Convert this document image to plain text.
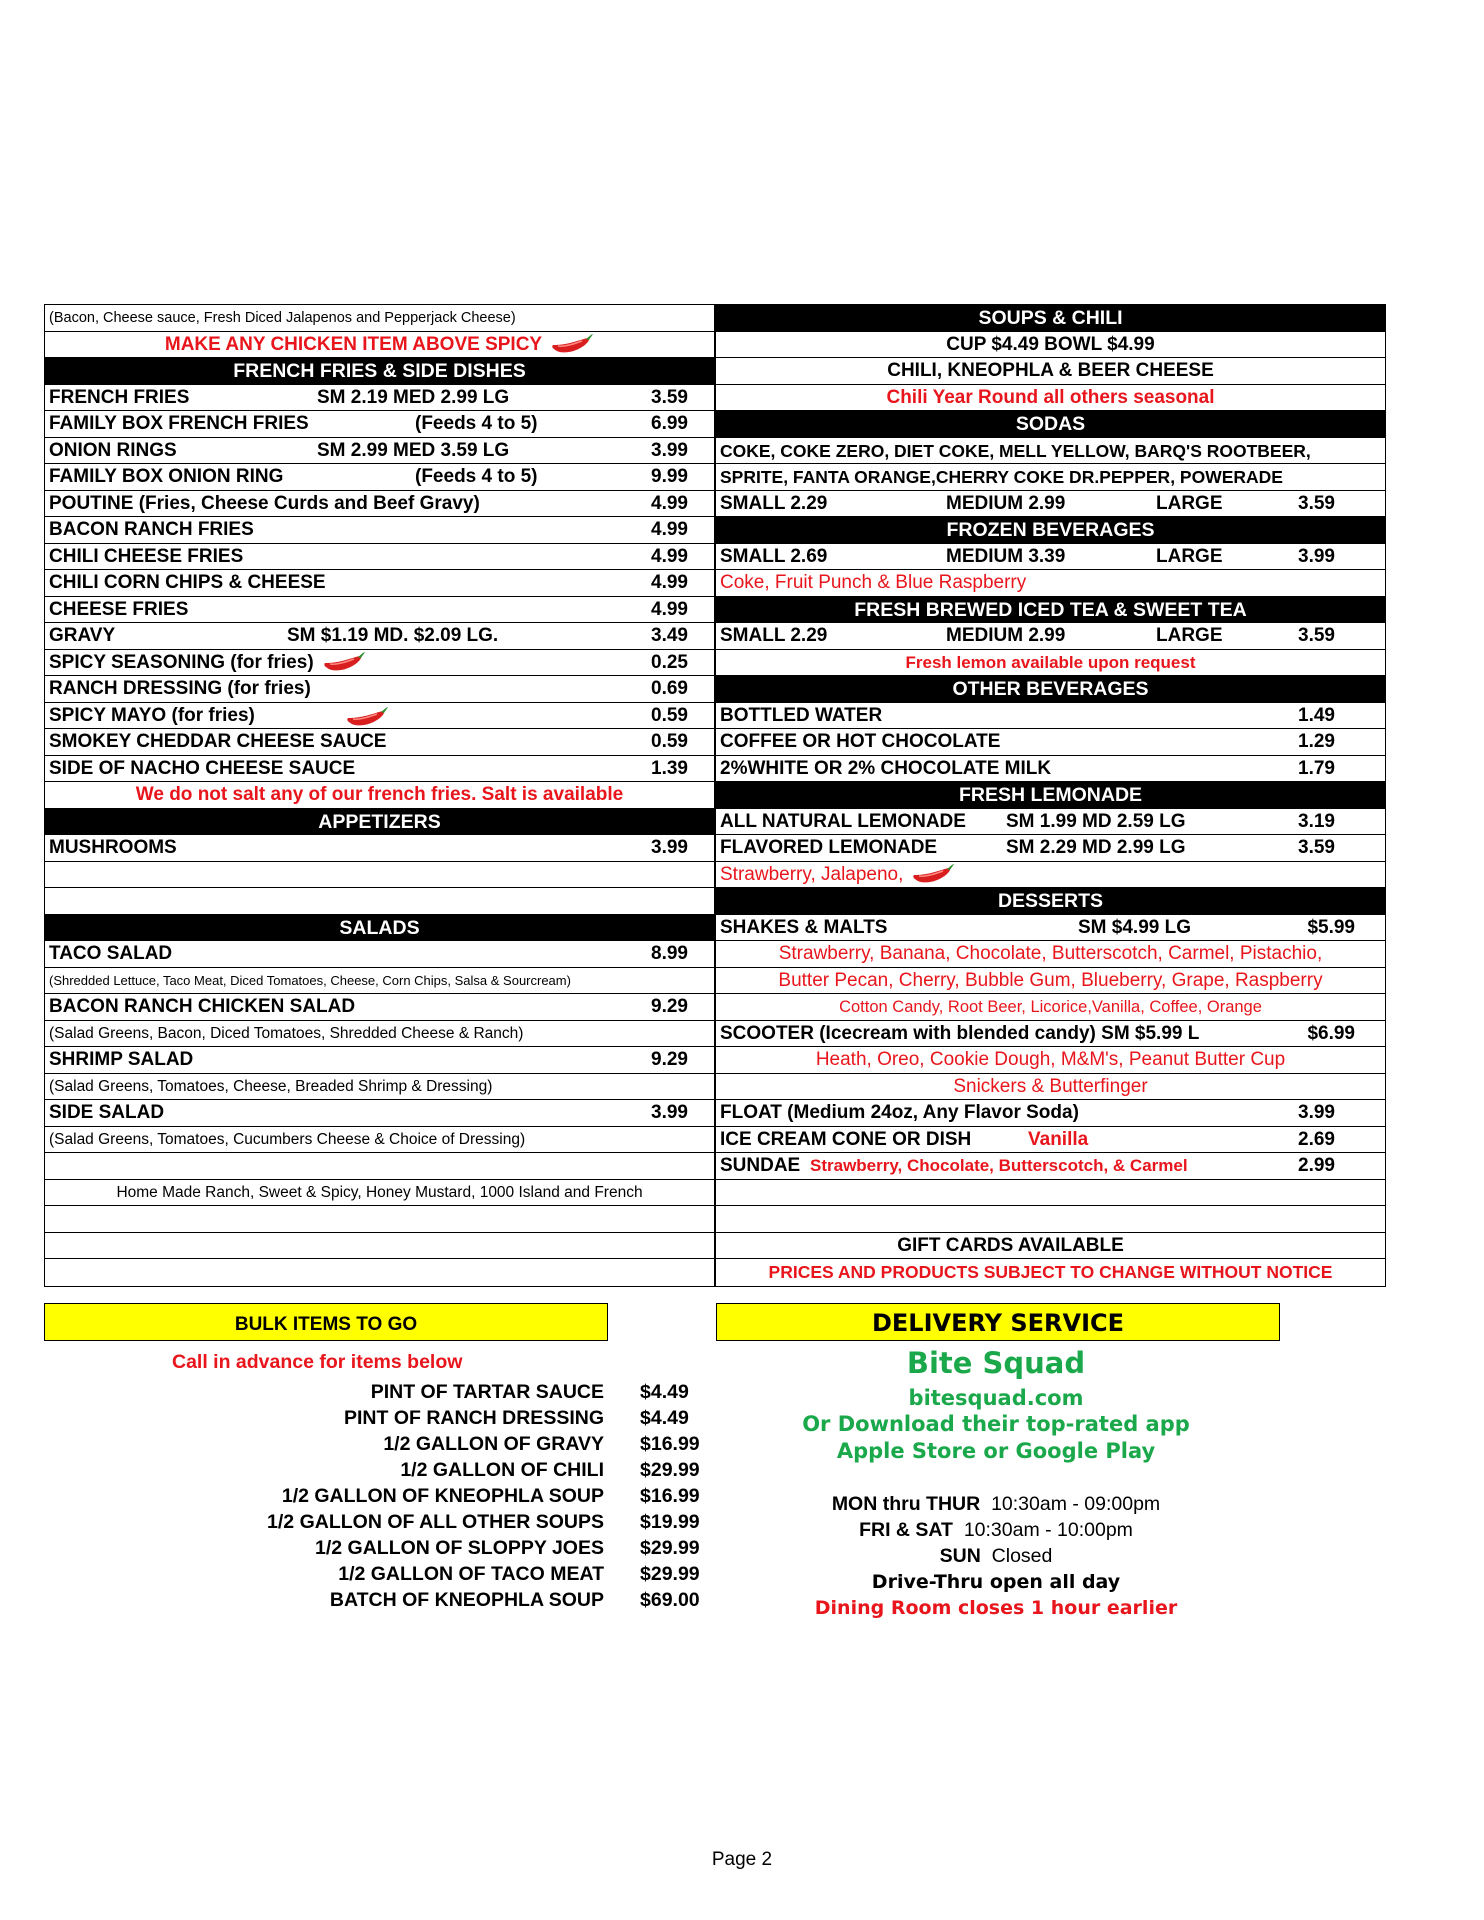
(Bacon, Cheese sauce, Fresh Diced Jalapenos and Pepperjack Cheese)
MAKE ANY CHICKEN ITEM ABOVE SPICY
FRENCH FRIES & SIDE DISHES
FRENCH FRIES	SM 2.19 MED 2.99 LG	3.59
FAMILY BOX FRENCH FRIES	(Feeds 4 to 5)	6.99
ONION RINGS	SM 2.99 MED 3.59 LG	3.99
FAMILY BOX ONION RING	(Feeds 4 to 5)	9.99
POUTINE (Fries, Cheese Curds and Beef Gravy)	4.99
BACON RANCH FRIES	4.99
CHILI CHEESE FRIES	4.99
CHILI CORN CHIPS & CHEESE	4.99
CHEESE FRIES	4.99
GRAVY	SM $1.19 MD. $2.09 LG.	3.49
SPICY SEASONING (for fries)	0.25
RANCH DRESSING (for fries)	0.69
SPICY MAYO (for fries)	0.59
SMOKEY CHEDDAR CHEESE SAUCE	0.59
SIDE OF NACHO CHEESE SAUCE	1.39
We do not salt any of our french fries. Salt is available
APPETIZERS
MUSHROOMS	3.99
SALADS
TACO SALAD	8.99
(Shredded Lettuce, Taco Meat, Diced Tomatoes, Cheese, Corn Chips, Salsa & Sourcream)
BACON RANCH CHICKEN SALAD	9.29
(Salad Greens, Bacon, Diced Tomatoes, Shredded Cheese & Ranch)
SHRIMP SALAD	9.29
(Salad Greens, Tomatoes, Cheese, Breaded Shrimp & Dressing)
SIDE SALAD	3.99
(Salad Greens, Tomatoes, Cucumbers Cheese & Choice of Dressing)
Home Made Ranch, Sweet & Spicy, Honey Mustard, 1000 Island and French
SOUPS & CHILI
CUP $4.49 BOWL $4.99
CHILI, KNEOPHLA & BEER CHEESE
Chili Year Round all others seasonal
SODAS
COKE, COKE ZERO, DIET COKE, MELL YELLOW, BARQ'S ROOTBEER,
SPRITE, FANTA ORANGE,CHERRY COKE DR.PEPPER, POWERADE
SMALL 2.29	MEDIUM 2.99	LARGE	3.59
FROZEN BEVERAGES
SMALL 2.69	MEDIUM 3.39	LARGE	3.99
Coke, Fruit Punch & Blue Raspberry
FRESH BREWED ICED TEA & SWEET TEA
SMALL 2.29	MEDIUM 2.99	LARGE	3.59
Fresh lemon available upon request
OTHER BEVERAGES
BOTTLED WATER	1.49
COFFEE OR HOT CHOCOLATE	1.29
2%WHITE OR 2% CHOCOLATE MILK	1.79
FRESH LEMONADE
ALL NATURAL LEMONADE SM 1.99 MD 2.59 LG	3.19
FLAVORED LEMONADE	SM 2.29 MD 2.99 LG	3.59
Strawberry, Jalapeno,
DESSERTS
SHAKES & MALTS	SM $4.99 LG	$5.99
Strawberry, Banana, Chocolate, Butterscotch, Carmel, Pistachio,
Butter Pecan, Cherry, Bubble Gum, Blueberry, Grape, Raspberry
Cotton Candy, Root Beer, Licorice,Vanilla, Coffee, Orange
SCOOTER (Icecream with blended candy) SM $5.99 L	$6.99
Heath, Oreo, Cookie Dough, M&M's, Peanut Butter Cup
Snickers & Butterfinger
FLOAT (Medium 24oz, Any Flavor Soda)	3.99
ICE CREAM CONE OR DISH	Vanilla	2.69
SUNDAE Strawberry, Chocolate, Butterscotch, & Carmel	2.99
GIFT CARDS AVAILABLE
PRICES AND PRODUCTS SUBJECT TO CHANGE WITHOUT NOTICE
BULK ITEMS TO GO
Call in advance for items below
PINT OF TARTAR SAUCE $4.49
PINT OF RANCH DRESSING $4.49
1/2 GALLON OF GRAVY $16.99
1/2 GALLON OF CHILI $29.99
1/2 GALLON OF KNEOPHLA SOUP $16.99
1/2 GALLON OF ALL OTHER SOUPS $19.99
1/2 GALLON OF SLOPPY JOES $29.99
1/2 GALLON OF TACO MEAT $29.99
BATCH OF KNEOPHLA SOUP $69.00
DELIVERY SERVICE
Bite Squad
bitesquad.com
Or Download their top-rated app
Apple Store or Google Play
MON thru THUR 10:30am - 09:00pm
FRI & SAT 10:30am - 10:00pm
SUN Closed
Drive-Thru open all day
Dining Room closes 1 hour earlier
Page 2
